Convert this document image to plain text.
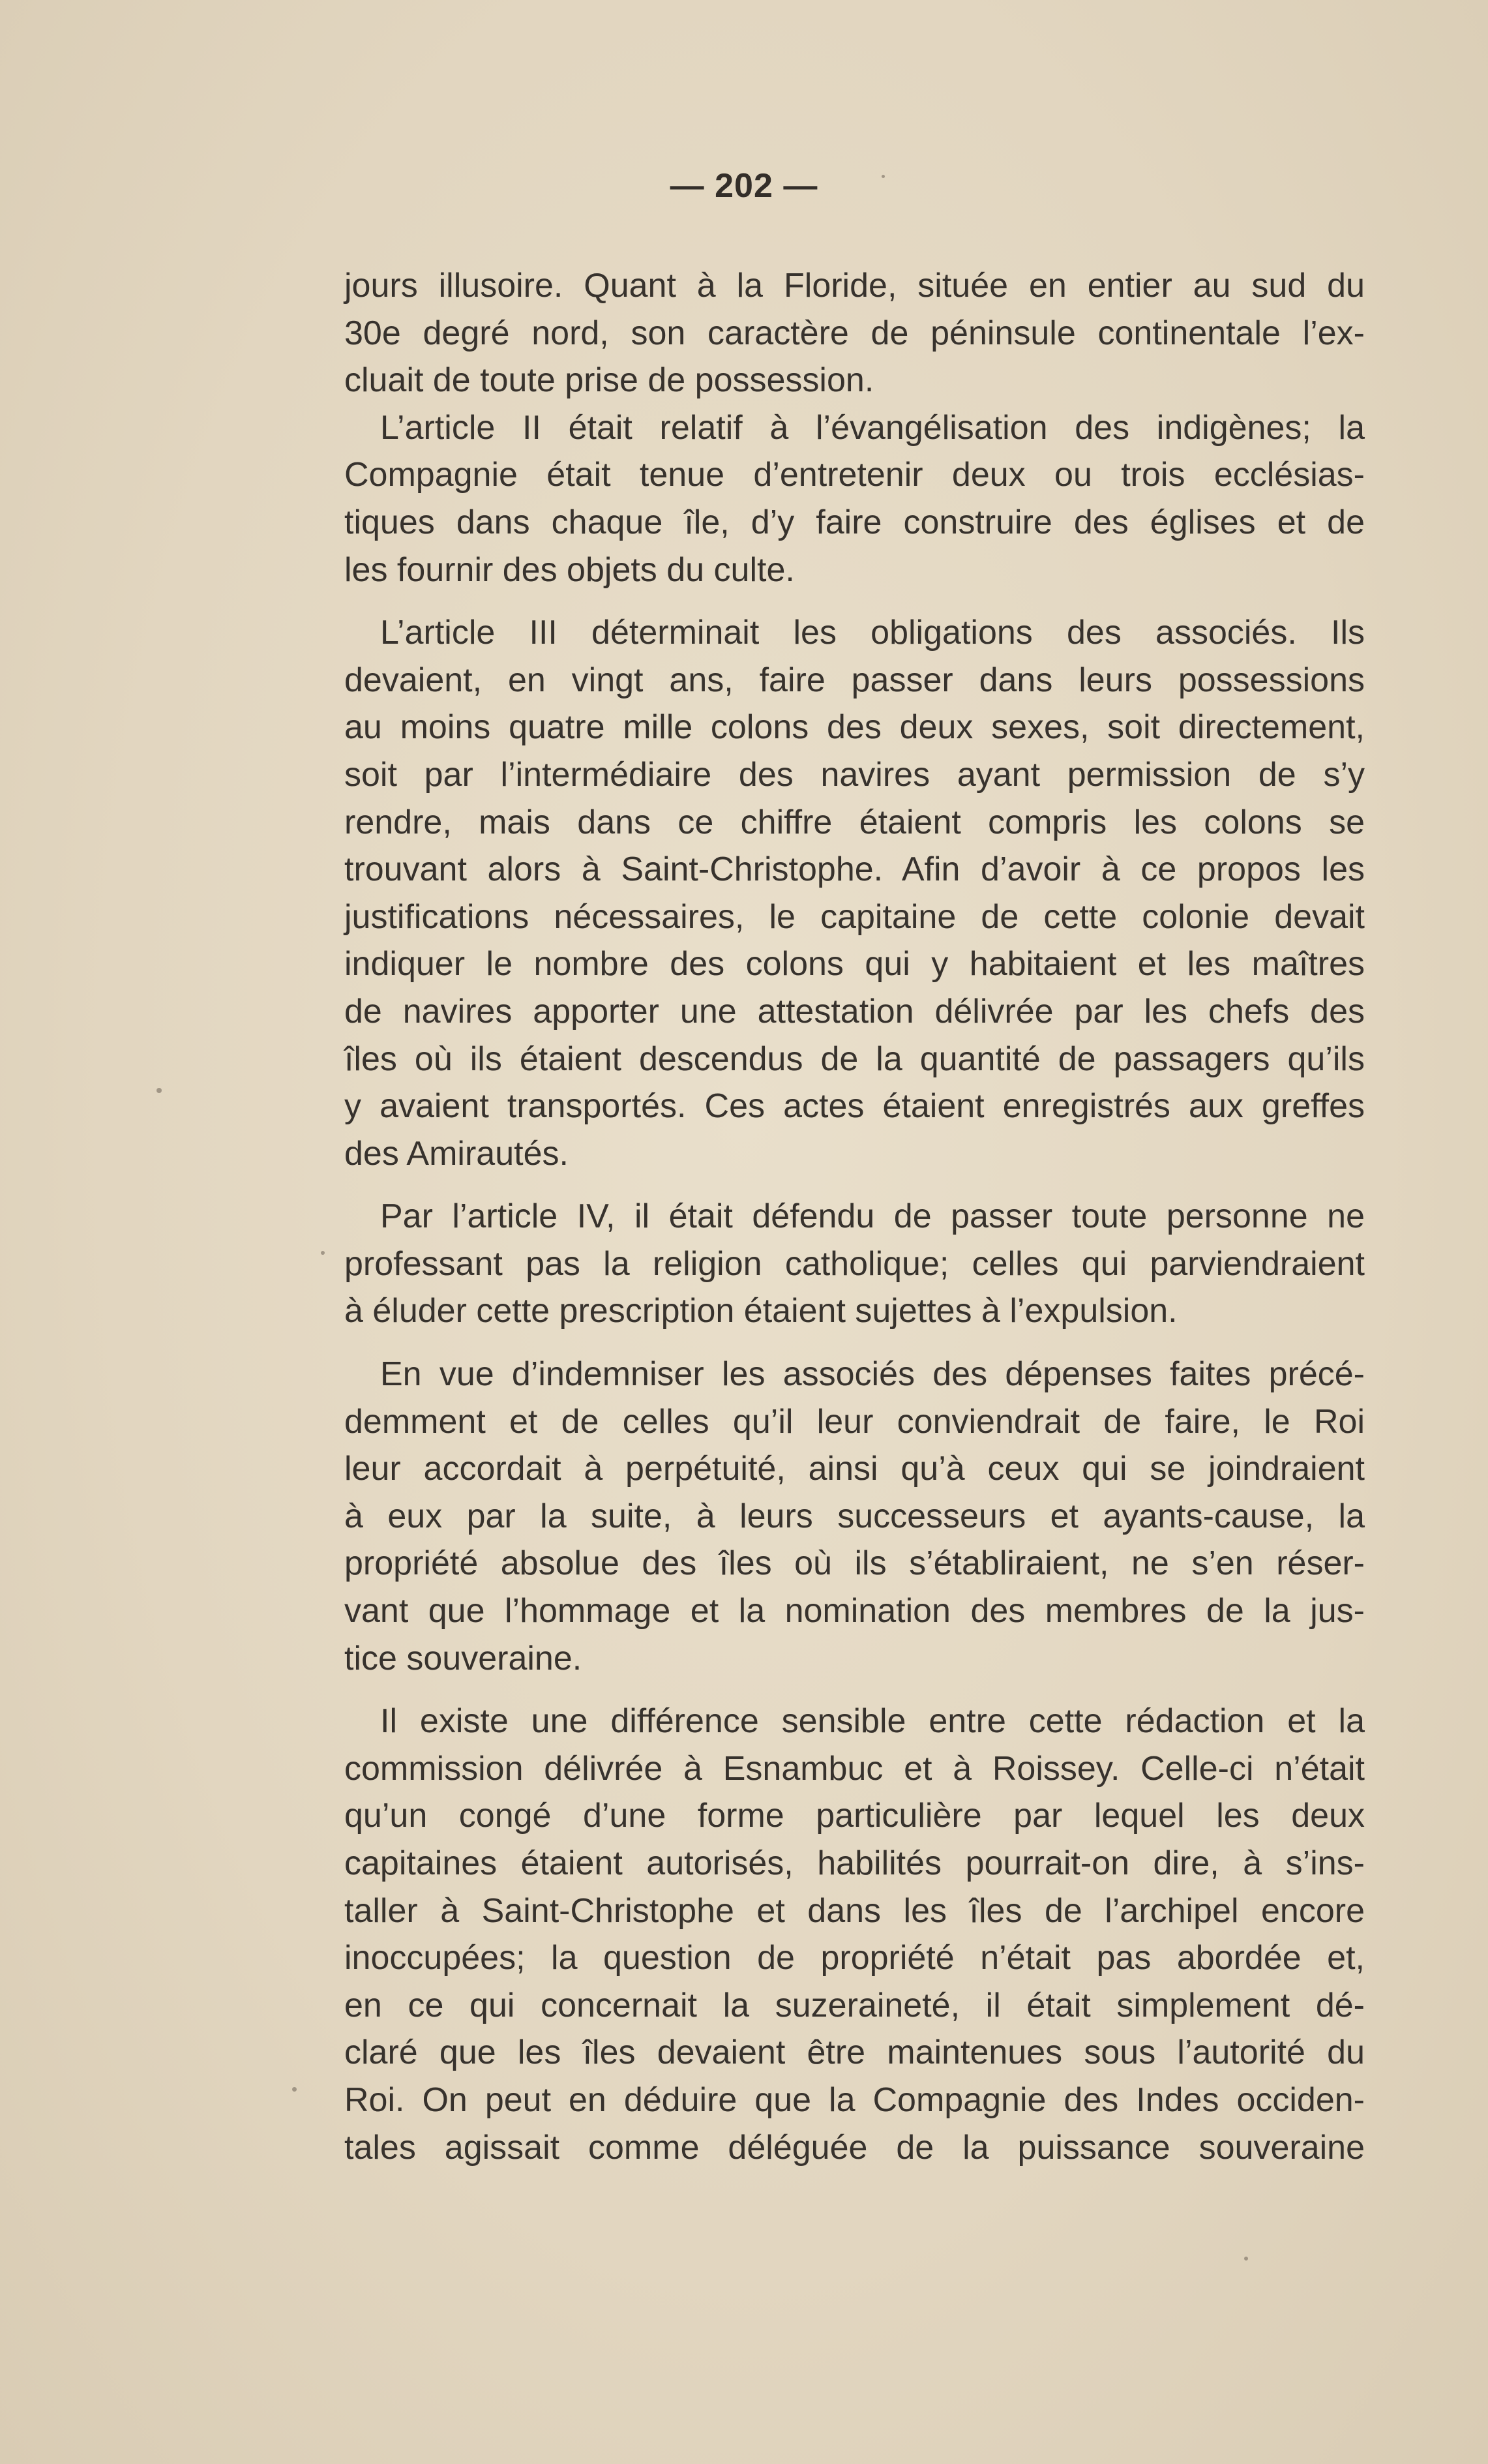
— 202 —

jours illusoire. Quant à la Floride, située en entier au sud du
30e degré nord, son caractère de péninsule continentale l’ex-
cluait de toute prise de possession.

L’article II était relatif à l’évangélisation des indigènes; la
Compagnie était tenue d’entretenir deux ou trois ecclésias-
tiques dans chaque île, d’y faire construire des églises et de
les fournir des objets du culte.

L’article III déterminait les obligations des associés. Ils
devaient, en vingt ans, faire passer dans leurs possessions
au moins quatre mille colons des deux sexes, soit directement,
soit par l’intermédiaire des navires ayant permission de s’y
rendre, mais dans ce chiffre étaient compris les colons se
trouvant alors à Saint-Christophe. Afin d’avoir à ce propos les
justifications nécessaires, le capitaine de cette colonie devait
indiquer le nombre des colons qui y habitaient et les maîtres
de navires apporter une attestation délivrée par les chefs des
îles où ils étaient descendus de la quantité de passagers qu’ils
y avaient transportés. Ces actes étaient enregistrés aux greffes
des Amirautés.

Par l’article IV, il était défendu de passer toute personne ne
professant pas la religion catholique; celles qui parviendraient
à éluder cette prescription étaient sujettes à l’expulsion.

En vue d’indemniser les associés des dépenses faites précé-
demment et de celles qu’il leur conviendrait de faire, le Roi
leur accordait à perpétuité, ainsi qu’à ceux qui se joindraient
à eux par la suite, à leurs successeurs et ayants-cause, la
propriété absolue des îles où ils s’établiraient, ne s’en réser-
vant que l’hommage et la nomination des membres de la jus-
tice souveraine.

Il existe une différence sensible entre cette rédaction et la
commission délivrée à Esnambuc et à Roissey. Celle-ci n’était
qu’un congé d’une forme particulière par lequel les deux
capitaines étaient autorisés, habilités pourrait-on dire, à s’ins-
taller à Saint-Christophe et dans les îles de l’archipel encore
inoccupées; la question de propriété n’était pas abordée et,
en ce qui concernait la suzeraineté, il était simplement dé-
claré que les îles devaient être maintenues sous l’autorité du
Roi. On peut en déduire que la Compagnie des Indes occiden-
tales agissait comme déléguée de la puissance souveraine
